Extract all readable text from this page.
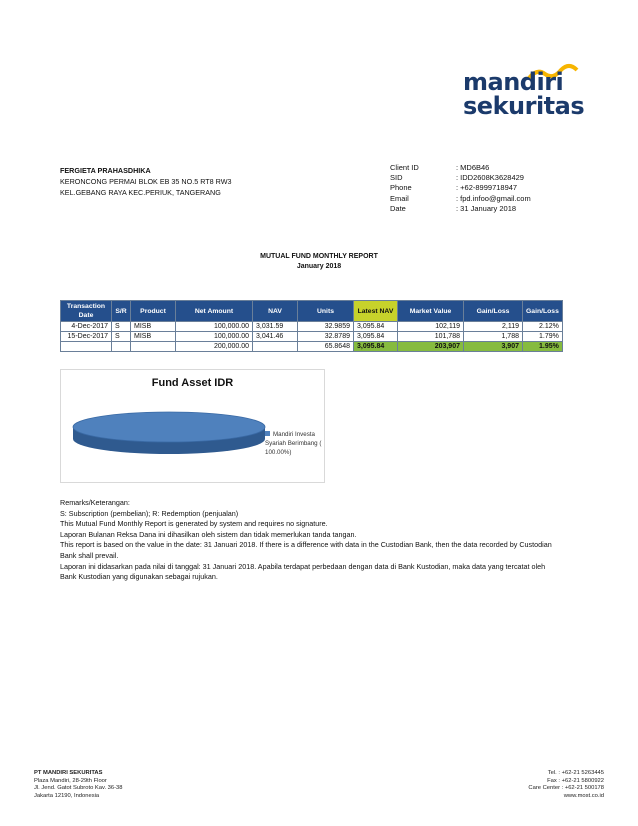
mandiri
sekuritas
FERGIETA PRAHASDHIKA
KERONCONG PERMAI BLOK EB 35 NO.5 RT8 RW3
KEL.GEBANG RAYA KEC.PERIUK, TANGERANG
Client ID	: MD6B46
SID	: IDD2608K3628429
Phone	: +62-8999718947
Email	: fpd.infoo@gmail.com
Date	: 31 January 2018
MUTUAL FUND MONTHLY REPORT
January 2018
Transaction Date	S/R	Product	Net Amount	NAV	Units	Latest NAV	Market Value	Gain/Loss	Gain/Loss
4-Dec-2017	S	MISB	100,000.00	3,031.59	32.9859	3,095.84	102,119	2,119	2.12%
15-Dec-2017	S	MISB	100,000.00	3,041.46	32.8789	3,095.84	101,788	1,788	1.79%
			200,000.00		65.8648	3,095.84	203,907	3,907	1.95%
Fund Asset IDR
Mandiri Investa Syariah Berimbang ( 100.00%)

Remarks/Keterangan:

S: Subscription (pembelian); R: Redemption (penjualan)

This Mutual Fund Monthly Report is generated by system and requires no signature.

Laporan Bulanan Reksa Dana ini dihasilkan oleh sistem dan tidak memerlukan tanda tangan.

This report is based on the value in the date: 31 Januari 2018. If there is a difference with data in the Custodian Bank, then the data recorded by Custodian Bank shall prevail.

Laporan ini didasarkan pada nilai di tanggal: 31 Januari 2018. Apabila terdapat perbedaan dengan data di Bank Kustodian, maka data yang tercatat oleh Bank Kustodian yang digunakan sebagai rujukan.

PT MANDIRI SEKURITAS
Plaza Mandiri, 28-29th Floor
Jl. Jend. Gatot Subroto Kav. 36-38
Jakarta 12190, Indonesia
Tel. : +62-21 5263445
Fax : +62-21 5800922
Care Center : +62-21 500178
www.most.co.id
